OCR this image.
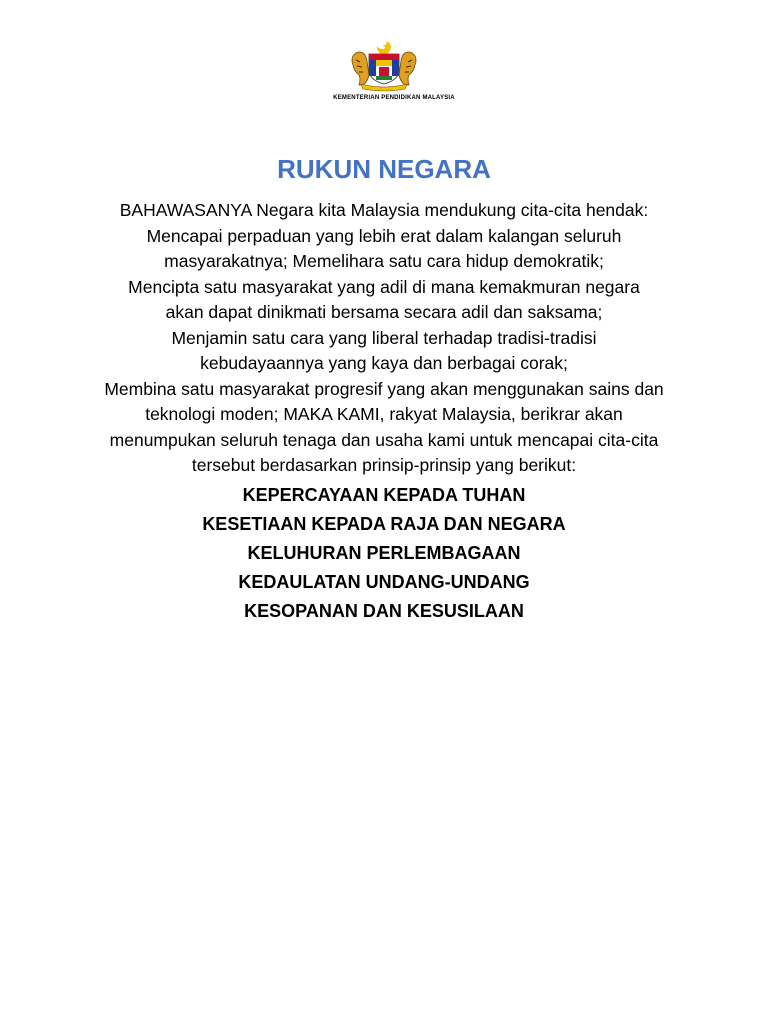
KEMENTERIAN PENDIDIKAN MALAYSIA
RUKUN NEGARA
BAHAWASANYA Negara kita Malaysia mendukung cita-cita hendak:
Mencapai perpaduan yang lebih erat dalam kalangan seluruh
masyarakatnya; Memelihara satu cara hidup demokratik;
Mencipta satu masyarakat yang adil di mana kemakmuran negara
akan dapat dinikmati bersama secara adil dan saksama;
Menjamin satu cara yang liberal terhadap tradisi-tradisi
kebudayaannya yang kaya dan berbagai corak;
Membina satu masyarakat progresif yang akan menggunakan sains dan
teknologi moden; MAKA KAMI, rakyat Malaysia, berikrar akan
menumpukan seluruh tenaga dan usaha kami untuk mencapai cita-cita
tersebut berdasarkan prinsip-prinsip yang berikut:
KEPERCAYAAN KEPADA TUHAN
KESETIAAN KEPADA RAJA DAN NEGARA
KELUHURAN PERLEMBAGAAN
KEDAULATAN UNDANG-UNDANG
KESOPANAN DAN KESUSILAAN
